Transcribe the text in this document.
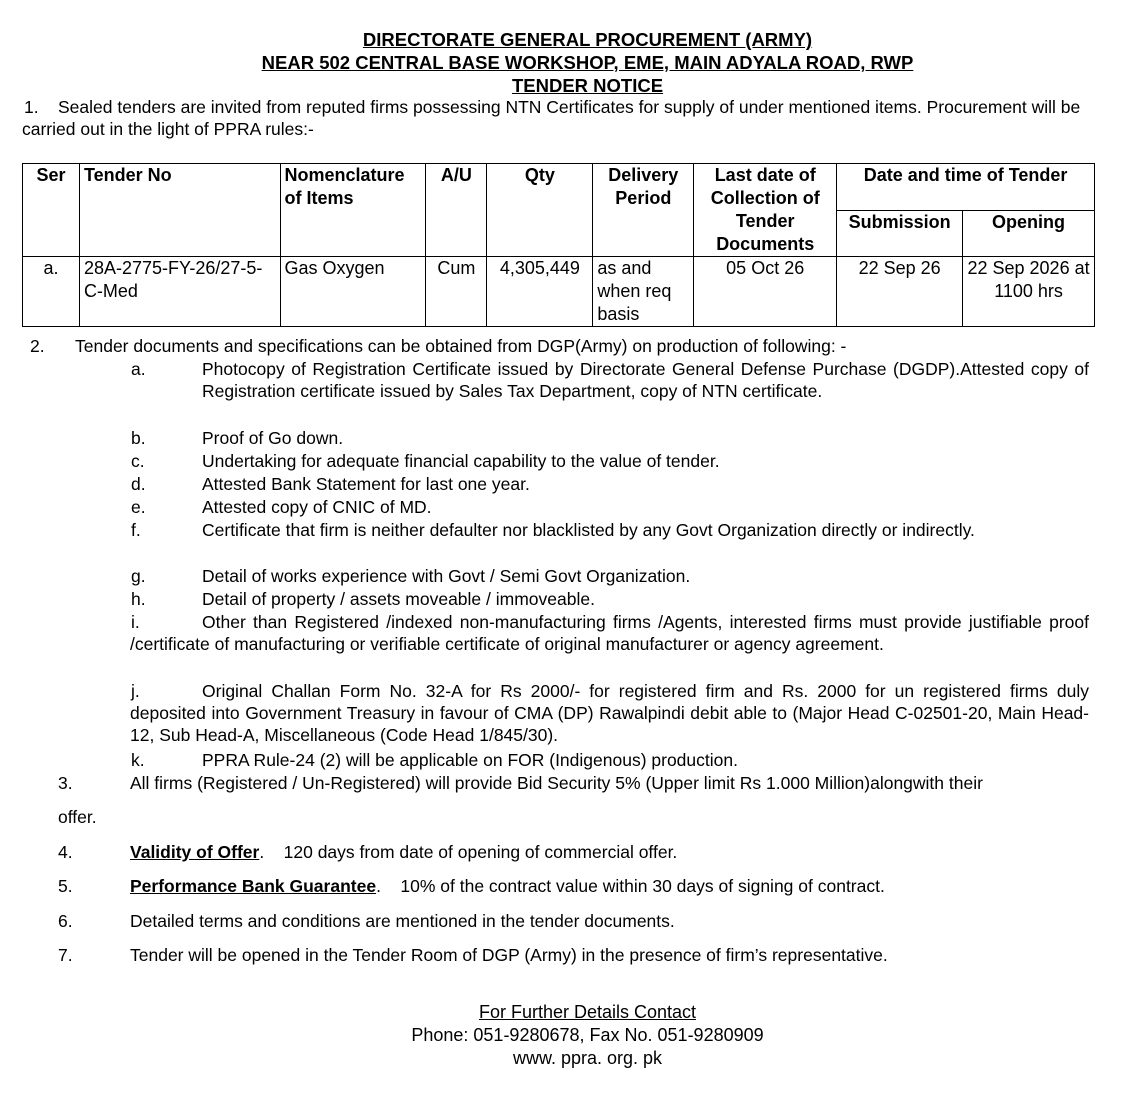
DIRECTORATE GENERAL PROCUREMENT (ARMY)
NEAR 502 CENTRAL BASE WORKSHOP, EME, MAIN ADYALA ROAD, RWP
TENDER NOTICE
1. Sealed tenders are invited from reputed firms possessing NTN Certificates for supply of under mentioned items. Procurement will be
carried out in the light of PPRA rules:-
Ser	Tender No	Nomenclature of Items	A/U	Qty	Delivery Period	Last date of Collection of Tender Documents	Date and time of Tender	
							Submission	Opening
a.	28A-2775-FY-26/27-5-C-Med	Gas Oxygen	Cum	4,305,449	as and when req basis	05 Oct 26	22 Sep 26	22 Sep 2026 at 1100 hrs
2. Tender documents and specifications can be obtained from DGP(Army) on production of following: -
a.	Photocopy of Registration Certificate issued by Directorate General Defense Purchase (DGDP).Attested copy of Registration certificate issued by Sales Tax Department, copy of NTN certificate.
b.	Proof of Go down.
c.	Undertaking for adequate financial capability to the value of tender.
d.	Attested Bank Statement for last one year.
e.	Attested copy of CNIC of MD.
f.	Certificate that firm is neither defaulter nor blacklisted by any Govt Organization directly or indirectly.
g.	Detail of works experience with Govt / Semi Govt Organization.
h.	Detail of property / assets moveable / immoveable.
i.	Other than Registered /indexed non-manufacturing firms /Agents, interested firms must provide justifiable proof /certificate of manufacturing or verifiable certificate of original manufacturer or agency agreement.
j.	Original Challan Form No. 32-A for Rs 2000/- for registered firm and Rs. 2000 for un registered firms duly deposited into Government Treasury in favour of CMA (DP) Rawalpindi debit able to (Major Head C-02501-20, Main Head-12, Sub Head-A, Miscellaneous (Code Head 1/845/30).
k.	PPRA Rule-24 (2) will be applicable on FOR (Indigenous) production.
3.	All firms (Registered / Un-Registered) will provide Bid Security 5% (Upper limit Rs 1.000 Million)alongwith their
offer.
4.	Validity of Offer.    120 days from date of opening of commercial offer.
5.	Performance Bank Guarantee.    10% of the contract value within 30 days of signing of contract.
6.	Detailed terms and conditions are mentioned in the tender documents.
7.	Tender will be opened in the Tender Room of DGP (Army) in the presence of firm’s representative.
For Further Details Contact
Phone: 051-9280678, Fax No. 051-9280909
www. ppra. org. pk
